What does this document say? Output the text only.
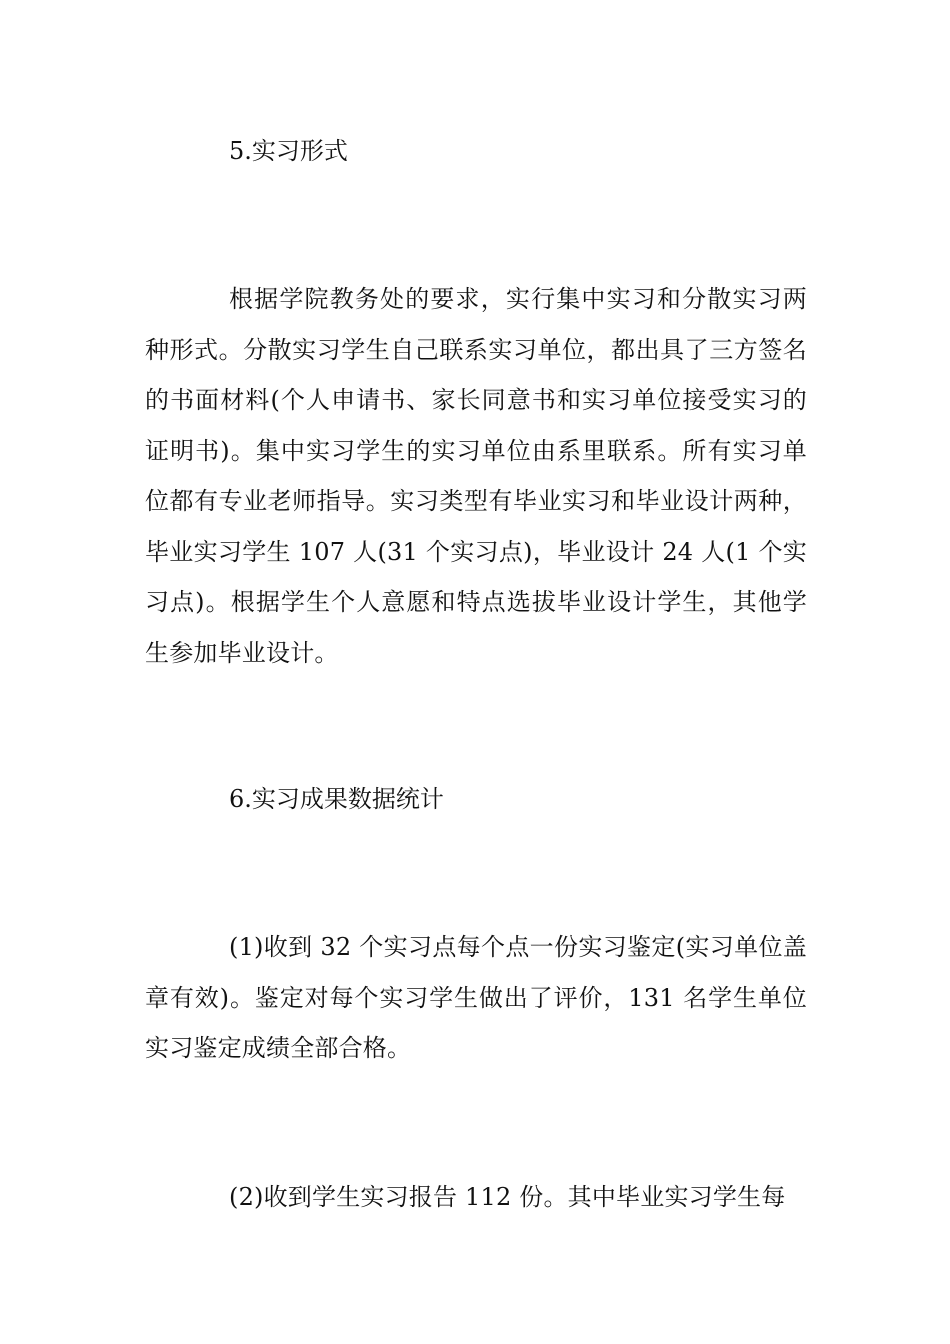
5.实习形式

根据学院教务处的要求，实行集中实习和分散实习两种形式。分散实习学生自己联系实习单位，都出具了三方签名的书面材料(个人申请书、家长同意书和实习单位接受实习的证明书)。集中实习学生的实习单位由系里联系。所有实习单位都有专业老师指导。实习类型有毕业实习和毕业设计两种，毕业实习学生 107 人(31 个实习点)，毕业设计 24 人(1 个实习点)。根据学生个人意愿和特点选拔毕业设计学生，其他学生参加毕业设计。

6.实习成果数据统计

(1)收到 32 个实习点每个点一份实习鉴定(实习单位盖章有效)。鉴定对每个实习学生做出了评价，131 名学生单位实习鉴定成绩全部合格。

(2)收到学生实习报告 112 份。其中毕业实习学生每
